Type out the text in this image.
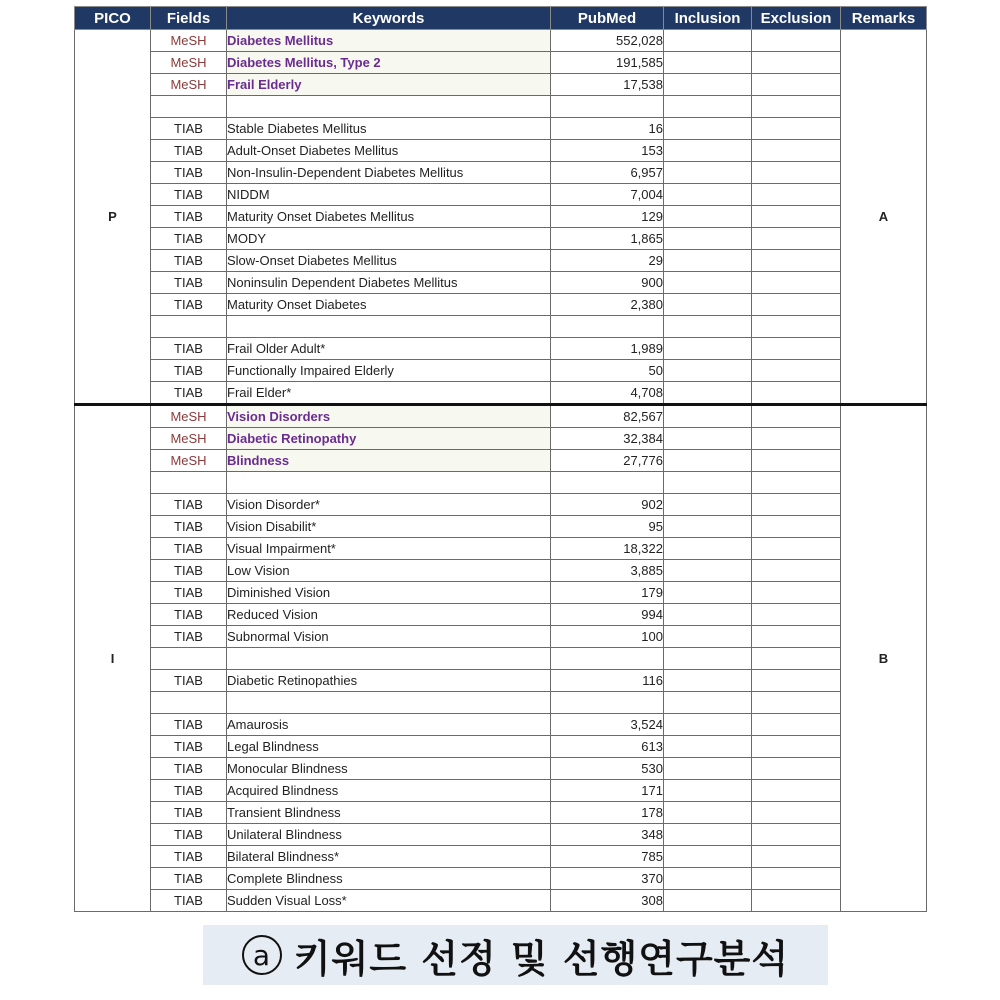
PICO	Fields	Keywords	PubMed	Inclusion	Exclusion	Remarks
P	MeSH	Diabetes Mellitus	552,028			A
	MeSH	Diabetes Mellitus, Type 2	191,585			
	MeSH	Frail Elderly	17,538			

	TIAB	Stable Diabetes Mellitus	16			
	TIAB	Adult-Onset Diabetes Mellitus	153			
	TIAB	Non-Insulin-Dependent Diabetes Mellitus	6,957			
	TIAB	NIDDM	7,004			
	TIAB	Maturity Onset Diabetes Mellitus	129			
	TIAB	MODY	1,865			
	TIAB	Slow-Onset Diabetes Mellitus	29			
	TIAB	Noninsulin Dependent Diabetes Mellitus	900			
	TIAB	Maturity Onset Diabetes	2,380			

	TIAB	Frail Older Adult*	1,989			
	TIAB	Functionally Impaired Elderly	50			
	TIAB	Frail Elder*	4,708			
I	MeSH	Vision Disorders	82,567			B
	MeSH	Diabetic Retinopathy	32,384			
	MeSH	Blindness	27,776			

	TIAB	Vision Disorder*	902			
	TIAB	Vision Disabilit*	95			
	TIAB	Visual Impairment*	18,322			
	TIAB	Low Vision	3,885			
	TIAB	Diminished Vision	179			
	TIAB	Reduced Vision	994			
	TIAB	Subnormal Vision	100			

	TIAB	Diabetic Retinopathies	116			

	TIAB	Amaurosis	3,524			
	TIAB	Legal Blindness	613			
	TIAB	Monocular Blindness	530			
	TIAB	Acquired Blindness	171			
	TIAB	Transient Blindness	178			
	TIAB	Unilateral Blindness	348			
	TIAB	Bilateral Blindness*	785			
	TIAB	Complete Blindness	370			
	TIAB	Sudden Visual Loss*	308			
a 키워드 선정 및 선행연구분석
